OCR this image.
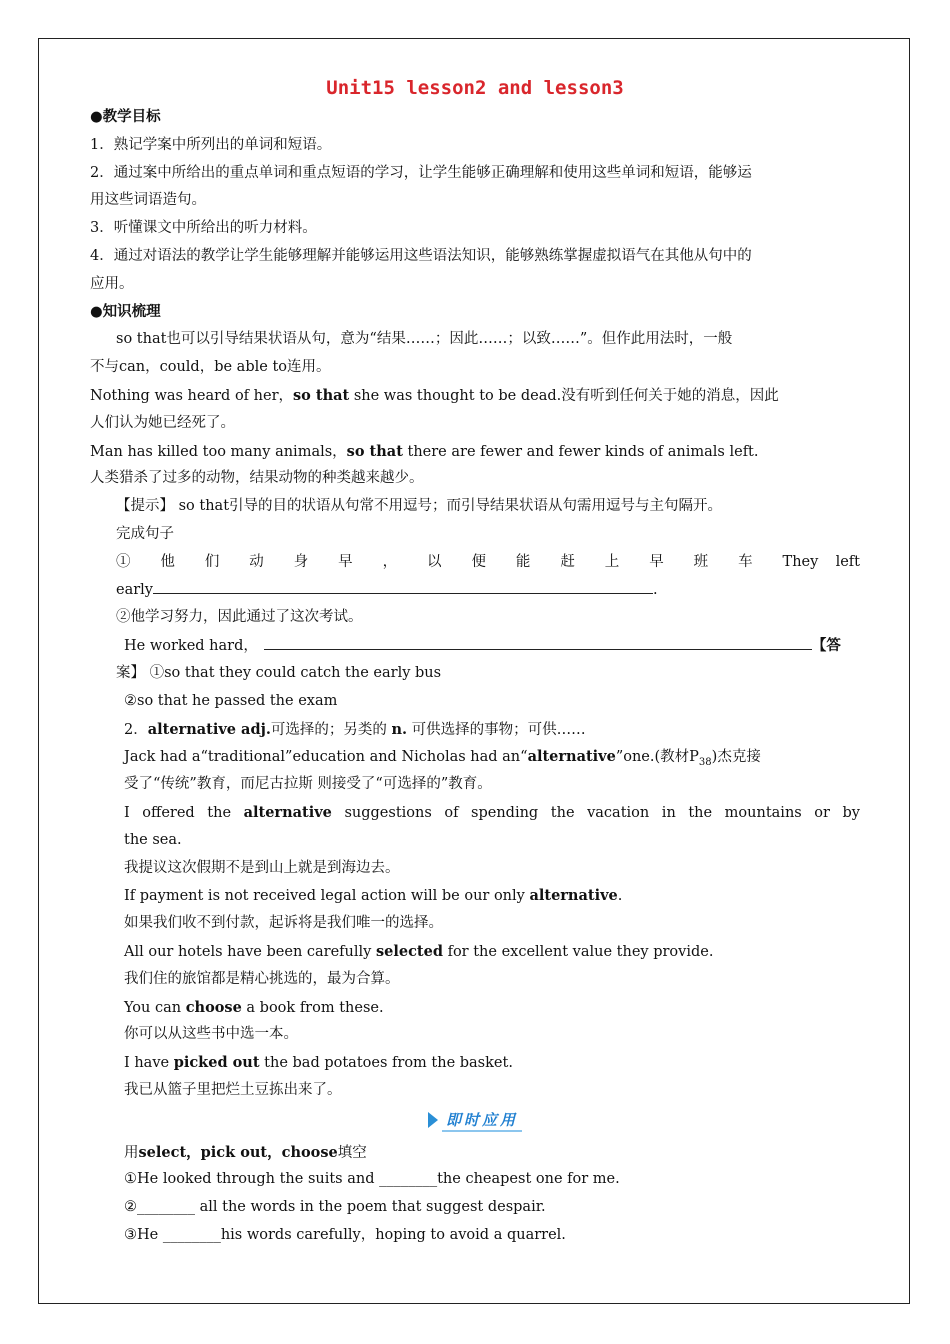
Unit15 lesson2 and lesson3
●教学目标
1．熟记学案中所列出的单词和短语。
2．通过案中所给出的重点单词和重点短语的学习，让学生能够正确理解和使用这些单词和短语，能够运
用这些词语造句。
3．听懂课文中所给出的听力材料。
4．通过对语法的教学让学生能够理解并能够运用这些语法知识，能够熟练掌握虚拟语气在其他从句中的
应用。
●知识梳理
so that也可以引导结果状语从句，意为“结果……；因此……；以致……”。但作此用法时，一般
不与can，could，be able to连用。
Nothing was heard of her，so that she was thought to be dead.没有听到任何关于她的消息，因此
人们认为她已经死了。
Man has killed too many animals，so that there are fewer and fewer kinds of animals left.
人类猎杀了过多的动物，结果动物的种类越来越少。
【提示】 so that引导的目的状语从句常不用逗号；而引导结果状语从句需用逗号与主句隔开。
完成句子
① 他 们 动 身 早 ， 以 便 能 赶 上 早 班 车 They left
early	.
②他学习努力，因此通过了这次考试。
He worked hard，	【答
案】 ①so that they could catch the early bus
②so that he passed the exam
2．alternative adj.可选择的；另类的 n. 可供选择的事物；可供……
Jack had a“traditional”education and Nicholas had an“alternative”one.(教材$P_{38}$)杰克接
受了“传统”教育，而尼古拉斯 则接受了“可选择的”教育。
I offered the alternative suggestions of spending the vacation in the mountains or by
the sea.
我提议这次假期不是到山上就是到海边去。
If payment is not received legal action will be our only alternative.
如果我们收不到付款，起诉将是我们唯一的选择。
All our hotels have been carefully selected for the excellent value they provide.
我们住的旅馆都是精心挑选的，最为合算。
You can choose a book from these.
你可以从这些书中选一本。
I have picked out the bad potatoes from the basket.
我已从篮子里把烂土豆拣出来了。
即时应用
用select，pick out，choose填空
①He looked through the suits and ________the cheapest one for me.
②________ all the words in the poem that suggest despair.
③He ________his words carefully，hoping to avoid a quarrel.
